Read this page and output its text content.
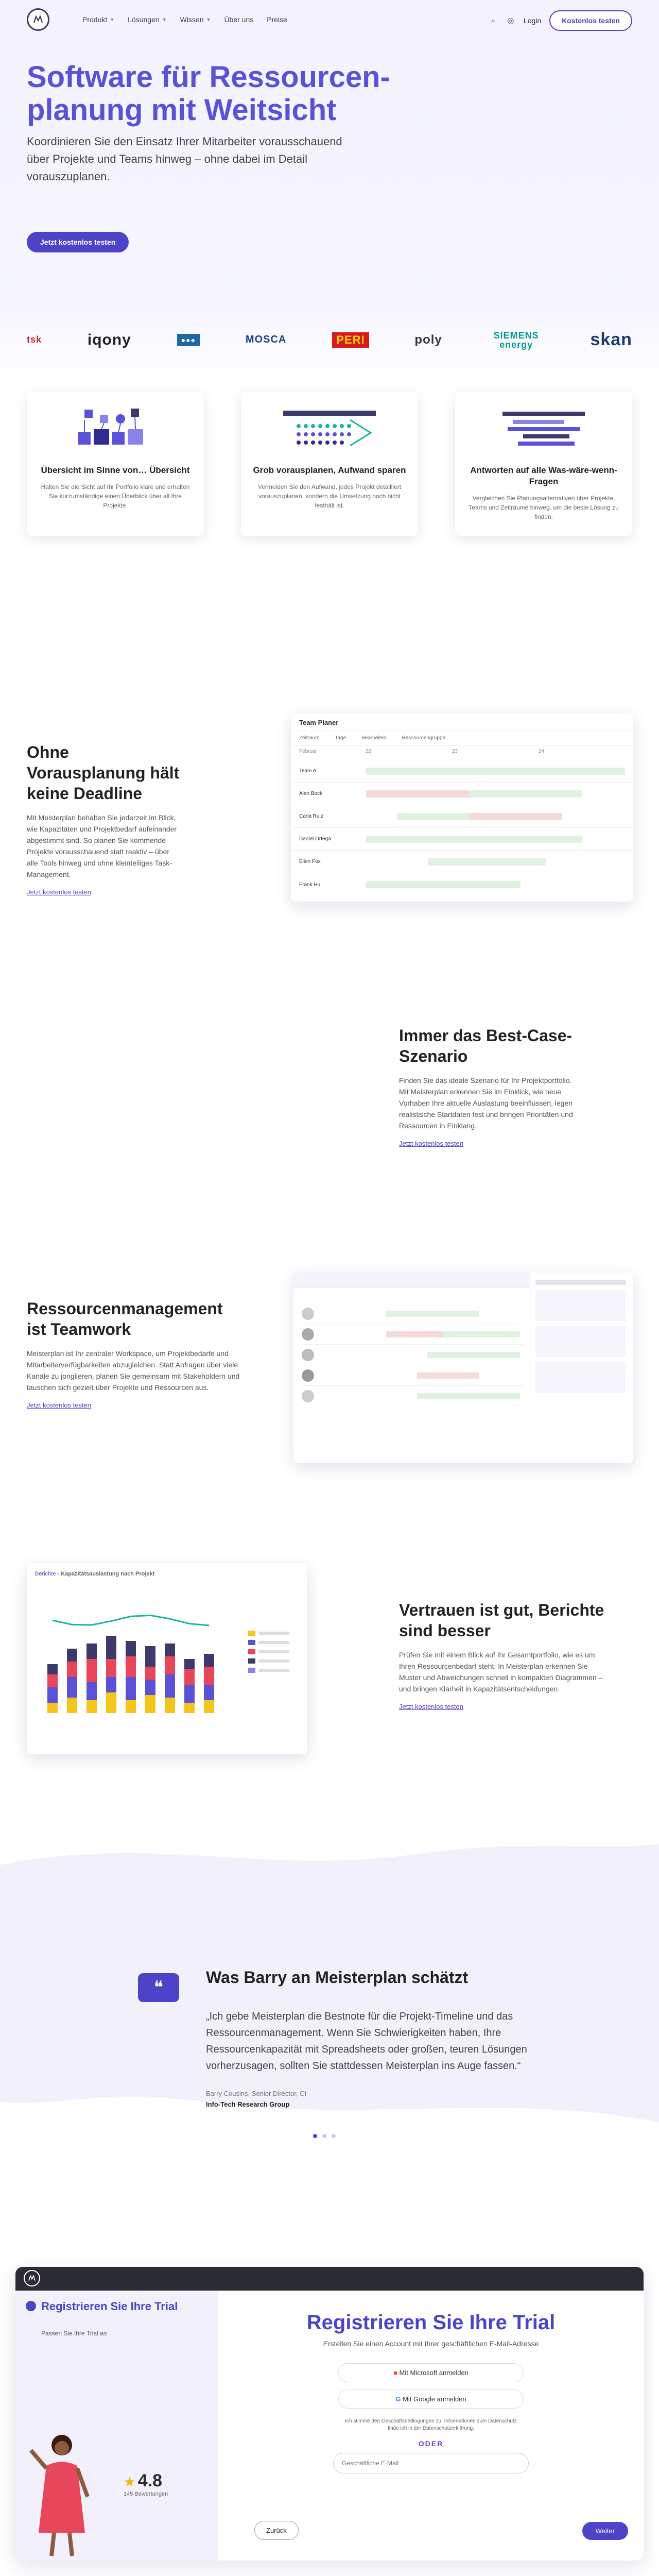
Produkt ▼ Lösungen ▼ Wissen ▼ Über uns Preise	⌕	◎ Login	Kostenlos testen
Software für Ressourcen-planung mit Weitsicht

Koordinieren Sie den Einsatz Ihrer Mitarbeiter vorausschauend über Projekte und Teams hinweg – ohne dabei im Detail vorauszuplanen.

Jetzt kostenlos testen
tsk	iqony	●●●	MOSCA	PERI	poly	SIEMENS energy	skan
Übersicht im Sinne von… Übersicht

Halten Sie die Sicht auf Ihr Portfolio klare und erhalten Sie kurzumständige einen Überblick über all Ihre Projekte.

Grob vorausplanen, Aufwand sparen

Vermeiden Sie den Aufwand, jedes Projekt detailliert vorauszuplanen, sondern die Umsetzung noch nicht festhält ist.

Antworten auf alle Was-wäre-wenn-Fragen

Vergleichen Sie Planungsalternativen über Projekte, Teams und Zeiträume hinweg, um die beste Lösung zu finden.

Ohne Vorausplanung hält keine Deadline

Mit Meisterplan behalten Sie jederzeit im Blick, wie Kapazitäten und Projektbedarf aufeinander abgestimmt sind. So planen Sie kommende Projekte vorausschauend statt reaktiv – über alle Tools hinweg und ohne kleinteiliges Task-Management.

Jetzt kostenlos testen
Team Planer
Zeitraum	Tage	Bearbeiten	Ressourcengruppe
Februar	22	23	24
Team A
Alan Beck
Carla Ruiz
Daniel Ortega
Ellen Fox
Frank Hu
Immer das Best-Case-Szenario

Finden Sie das ideale Szenario für Ihr Projektportfolio. Mit Meisterplan erkennen Sie im Einklick, wie neue Vorhaben Ihre aktuelle Auslastung beeinflussen, legen realistische Startdaten fest und bringen Prioritäten und Ressourcen in Einklang.

Jetzt kostenlos testen
Ressourcenmanagement ist Teamwork

Meisterplan ist Ihr zentraler Workspace, um Projektbedarfe und Mitarbeiterverfügbarkeiten abzugleichen. Statt Anfragen über viele Kanäle zu jonglieren, planen Sie gemeinsam mit Stakeholdern und tauschen sich gezielt über Projekte und Ressourcen aus.

Jetzt kostenlos testen
Berichte › Kapazitätsauslastung nach Projekt
Vertrauen ist gut, Berichte sind besser

Prüfen Sie mit einem Blick auf Ihr Gesamtportfolio, wie es um Ihren Ressourcenbedarf steht. In Meisterplan erkennen Sie Muster und Abweichungen schnell in kompakten Diagrammen – und bringen Klarheit in Kapazitätsentscheidungen.

Jetzt kostenlos testen
❝
Was Barry an Meisterplan schätzt

„Ich gebe Meisterplan die Bestnote für die Projekt-Timeline und das Ressourcenmanagement. Wenn Sie Schwierigkeiten haben, Ihre Ressourcenkapazität mit Spreadsheets oder großen, teuren Lösungen vorherzusagen, sollten Sie stattdessen Meisterplan ins Auge fassen.“

Barry Cousins, Senior Director, CI

Info-Tech Research Group

Registrieren Sie Ihre Trial

Passen Sie Ihre Trial an

★ 4.8
145 Bewertungen
Registrieren Sie Ihre Trial

Erstellen Sie einen Account mit Ihrer geschäftlichen E-Mail-Adresse

■ Mit Microsoft anmelden
G Mit Google anmelden

Ich stimme den Geschäftsbedingungen zu. Informationen zum Datenschutz finde ich in der Datenschutzerklärung.

ODER

Geschäftliche E-Mail
Zurück	Weiter
